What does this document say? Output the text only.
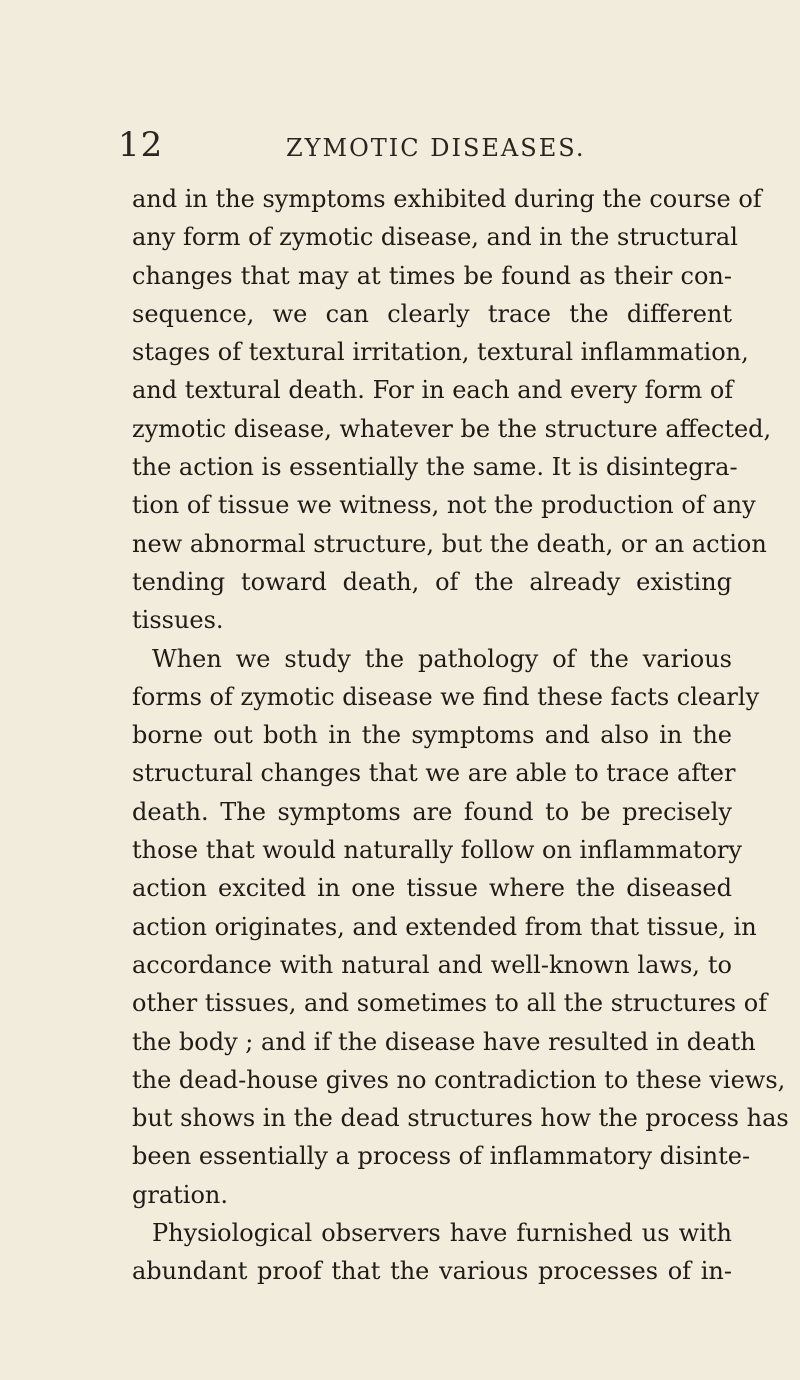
12	ZYMOTIC DISEASES.
and in the symptoms exhibited during the course of
any form of zymotic disease, and in the structural
changes that may at times be found as their con-
sequence, we can clearly trace the different
stages of textural irritation, textural inflammation,
and textural death. For in each and every form of
zymotic disease, whatever be the structure affected,
the action is essentially the same. It is disintegra-
tion of tissue we witness, not the production of any
new abnormal structure, but the death, or an action
tending toward death, of the already existing
tissues.
When we study the pathology of the various
forms of zymotic disease we find these facts clearly
borne out both in the symptoms and also in the
structural changes that we are able to trace after
death. The symptoms are found to be precisely
those that would naturally follow on inflammatory
action excited in one tissue where the diseased
action originates, and extended from that tissue, in
accordance with natural and well-known laws, to
other tissues, and sometimes to all the structures of
the body ; and if the disease have resulted in death
the dead-house gives no contradiction to these views,
but shows in the dead structures how the process has
been essentially a process of inflammatory disinte-
gration.
Physiological observers have furnished us with
abundant proof that the various processes of in-
